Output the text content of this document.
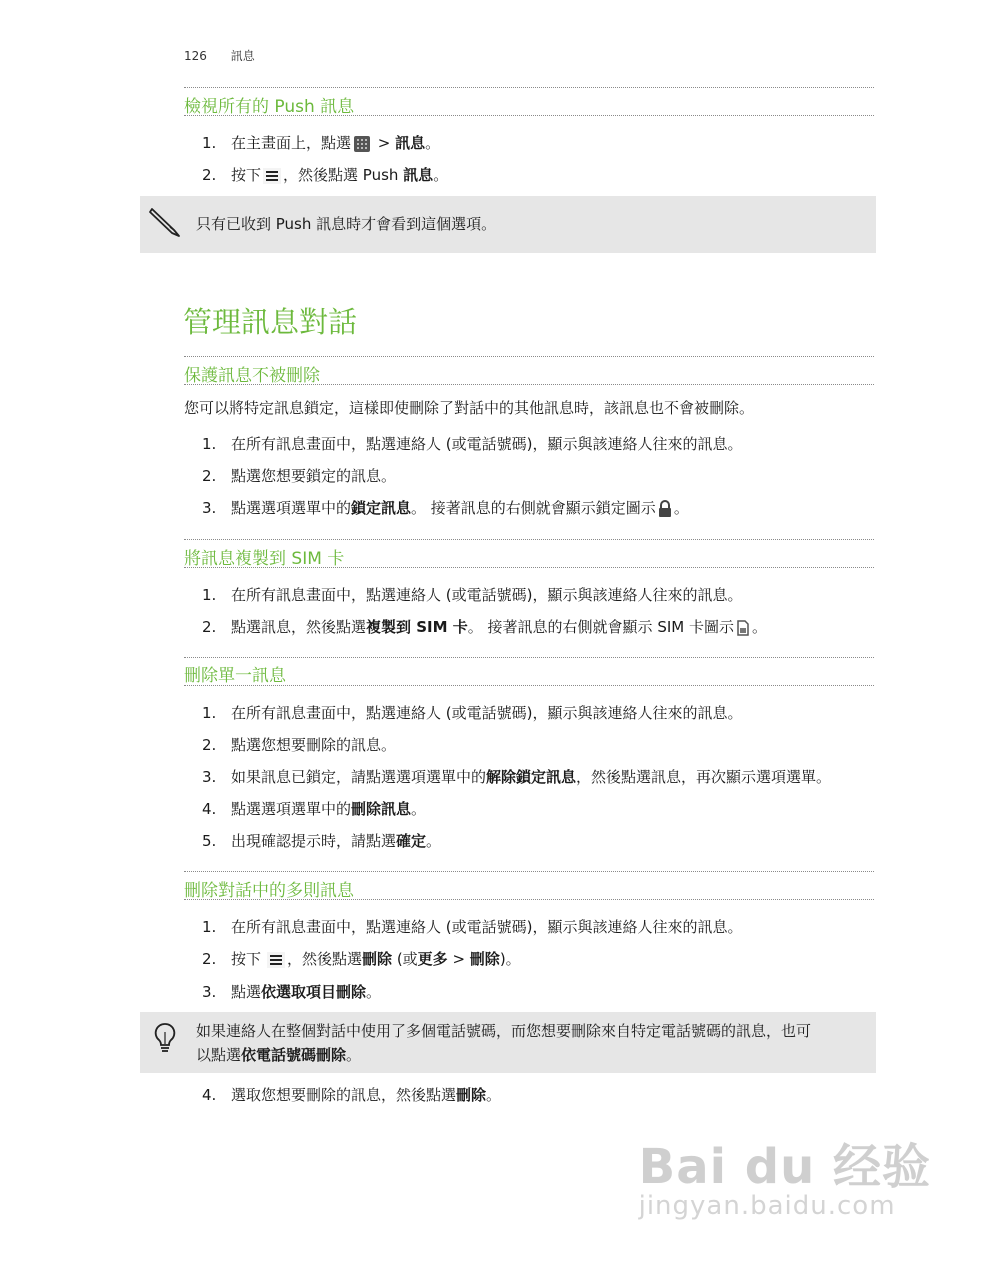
126 訊息
檢視所有的 Push 訊息
1. 在主畫面上，點選
> 訊息。
2. 按下 ，然後點選 Push 訊息。
只有已收到 Push 訊息時才會看到這個選項。
管理訊息對話
保護訊息不被刪除
您可以將特定訊息鎖定，這樣即使刪除了對話中的其他訊息時，該訊息也不會被刪除。
1. 在所有訊息畫面中，點選連絡人 (或電話號碼)，顯示與該連絡人往來的訊息。
2. 點選您想要鎖定的訊息。
3. 點選選項選單中的鎖定訊息。 接著訊息的右側就會顯示鎖定圖示 。
將訊息複製到 SIM 卡
1. 在所有訊息畫面中，點選連絡人 (或電話號碼)，顯示與該連絡人往來的訊息。
2. 點選訊息，然後點選複製到 SIM 卡。 接著訊息的右側就會顯示 SIM 卡圖示 。
刪除單一訊息
1. 在所有訊息畫面中，點選連絡人 (或電話號碼)，顯示與該連絡人往來的訊息。
2. 點選您想要刪除的訊息。
3. 如果訊息已鎖定，請點選選項選單中的解除鎖定訊息，然後點選訊息，再次顯示選項選單。
4. 點選選項選單中的刪除訊息。
5. 出現確認提示時，請點選確定。
刪除對話中的多則訊息
1. 在所有訊息畫面中，點選連絡人 (或電話號碼)，顯示與該連絡人往來的訊息。
2. 按下 ，然後點選刪除 (或更多 > 刪除)。
3. 點選依選取項目刪除。
如果連絡人在整個對話中使用了多個電話號碼，而您想要刪除來自特定電話號碼的訊息，也可
以點選依電話號碼刪除。
4. 選取您想要刪除的訊息，然後點選刪除。
Bai du 经验
jingyan.baidu.com
